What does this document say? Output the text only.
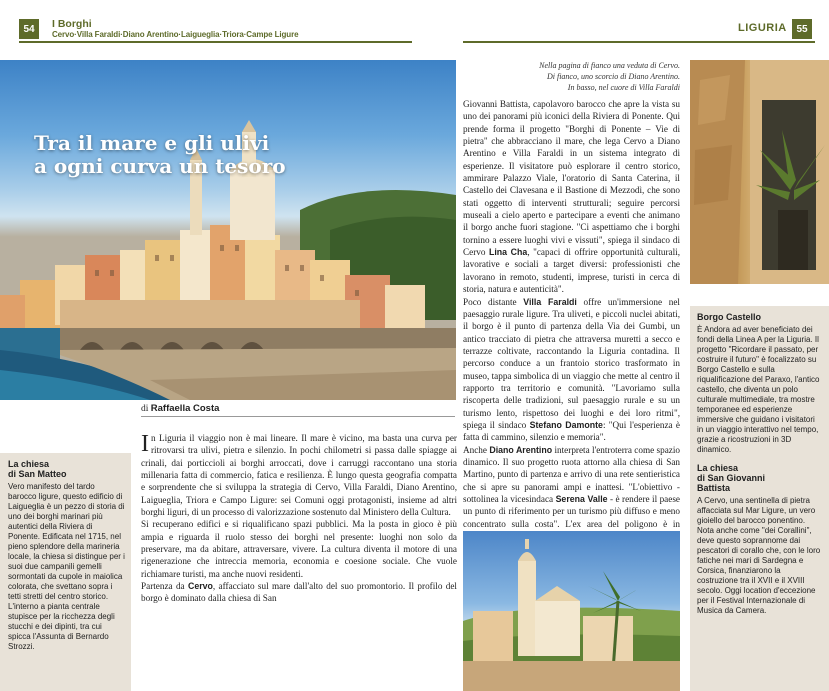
54	I Borghi
Cervo·Villa Faraldi·Diano Arentino·Laigueglia·Triora·Campe Ligure
LIGURIA 55
Tra il mare e gli ulivi
a ogni curva un tesoro
di Raffaella Costa
La chiesa
di San Matteo

Vero manifesto del tardo barocco ligure, questo edificio di Laigueglia è un pezzo di storia di uno dei borghi marinari più autentici della Riviera di Ponente. Edificata nel 1715, nel pieno splendore della marineria locale, la chiesa si distingue per i suoi due campanili gemelli sormontati da cupole in maiolica colorata, che svettano sopra i tetti stretti del centro storico. L'interno a pianta centrale stupisce per la ricchezza degli stucchi e dei dipinti, tra cui spicca l'Assunta di Bernardo Strozzi.

In Liguria il viaggio non è mai lineare. Il mare è vicino, ma basta una curva per ritrovarsi tra ulivi, pietra e silenzio. In pochi chilometri si passa dalle spiagge ai crinali, dai porticcioli ai borghi arroccati, dove i carruggi raccontano una storia millenaria fatta di commercio, fatica e resilienza. È lungo questa geografia compatta e sorprendente che si sviluppa la strategia di Cervo, Villa Faraldi, Diano Arentino, Laigueglia, Triora e Campo Ligure: sei Comuni oggi protagonisti, insieme ad altri borghi liguri, di un processo di valorizzazione sostenuto dal Ministero della Cultura.

Si recuperano edifici e si riqualificano spazi pubblici. Ma la posta in gioco è più ampia e riguarda il ruolo stesso dei borghi nel presente: luoghi non solo da preservare, ma da abitare, attraversare, vivere. La cultura diventa il motore di una rigenerazione che intreccia memoria, economia e coesione sociale. Che vuole richiamare turisti, ma anche nuovi residenti.

Partenza da Cervo, affacciato sul mare dall'alto del suo promontorio. Il profilo del borgo è dominato dalla chiesa di San

Nella pagina di fianco una veduta di Cervo.
Di fianco, uno scorcio di Diano Arentino.
In basso, nel cuore di Villa Faraldi

Giovanni Battista, capolavoro barocco che apre la vista su uno dei panorami più iconici della Riviera di Ponente. Qui prende forma il progetto "Borghi di Ponente – Vie di pietra" che abbracciano il mare, che lega Cervo a Diano Arentino e Villa Faraldi in un sistema integrato di esperienze. Il visitatore può esplorare il centro storico, ammirare Palazzo Viale, l'oratorio di Santa Caterina, il Castello dei Clavesana e il Bastione di Mezzodì, che sono stati oggetto di interventi strutturali; seguire percorsi museali a cielo aperto e partecipare a eventi che animano il borgo anche fuori stagione. "Ci aspettiamo che i borghi tornino a essere luoghi vivi e vissuti", spiega il sindaco di Cervo Lina Cha, "capaci di offrire opportunità culturali, lavorative e sociali a target diversi: professionisti che lavorano in remoto, studenti, imprese, turisti in cerca di storia, natura e autenticità".

Poco distante Villa Faraldi offre un'immersione nel paesaggio rurale ligure. Tra uliveti, e piccoli nuclei abitati, il borgo è il punto di partenza della Via dei Gumbi, un antico tracciato di pietra che attraversa muretti a secco e terrazze coltivate, raccontando la Liguria contadina. Il percorso conduce a un frantoio storico trasformato in museo, tappa simbolica di un viaggio che mette al centro il rapporto tra territorio e comunità. "Lavoriamo sulla riscoperta delle tradizioni, sul paesaggio rurale e su un turismo lento, rispettoso dei luoghi e dei loro ritmi", spiega il sindaco Stefano Damonte: "Qui l'esperienza è fatta di cammino, silenzio e memoria".

Anche Diano Arentino interpreta l'entroterra come spazio dinamico. Il suo progetto ruota attorno alla chiesa di San Martino, punto di partenza e arrivo di una rete sentieristica che si apre su panorami ampi e inattesi. "L'obiettivo - sottolinea la vicesindaca Serena Valle - è rendere il paese un punto di riferimento per un turismo più diffuso e meno concentrato sulla costa". L'ex area del poligono è in

Borgo Castello

È Andora ad aver beneficiato dei fondi della Linea A per la Liguria. Il progetto "Ricordare il passato, per costruire il futuro" è focalizzato su Borgo Castello e sulla riqualificazione del Paraxo, l'antico castello, che diventa un polo culturale multimediale, tra mostre temporanee ed esperienze immersive che guidano i visitatori in un viaggio interattivo nel tempo, grazie a ricostruzioni in 3D dinamico.

La chiesa
di San Giovanni
Battista

A Cervo, una sentinella di pietra affacciata sul Mar Ligure, un vero gioiello del barocco ponentino. Nota anche come "dei Corallini", deve questo soprannome dai pescatori di corallo che, con le loro fatiche nei mari di Sardegna e Corsica, finanziarono la costruzione tra il XVII e il XVIII secolo. Oggi location d'eccezione per il Festival Internazionale di Musica da Camera.
